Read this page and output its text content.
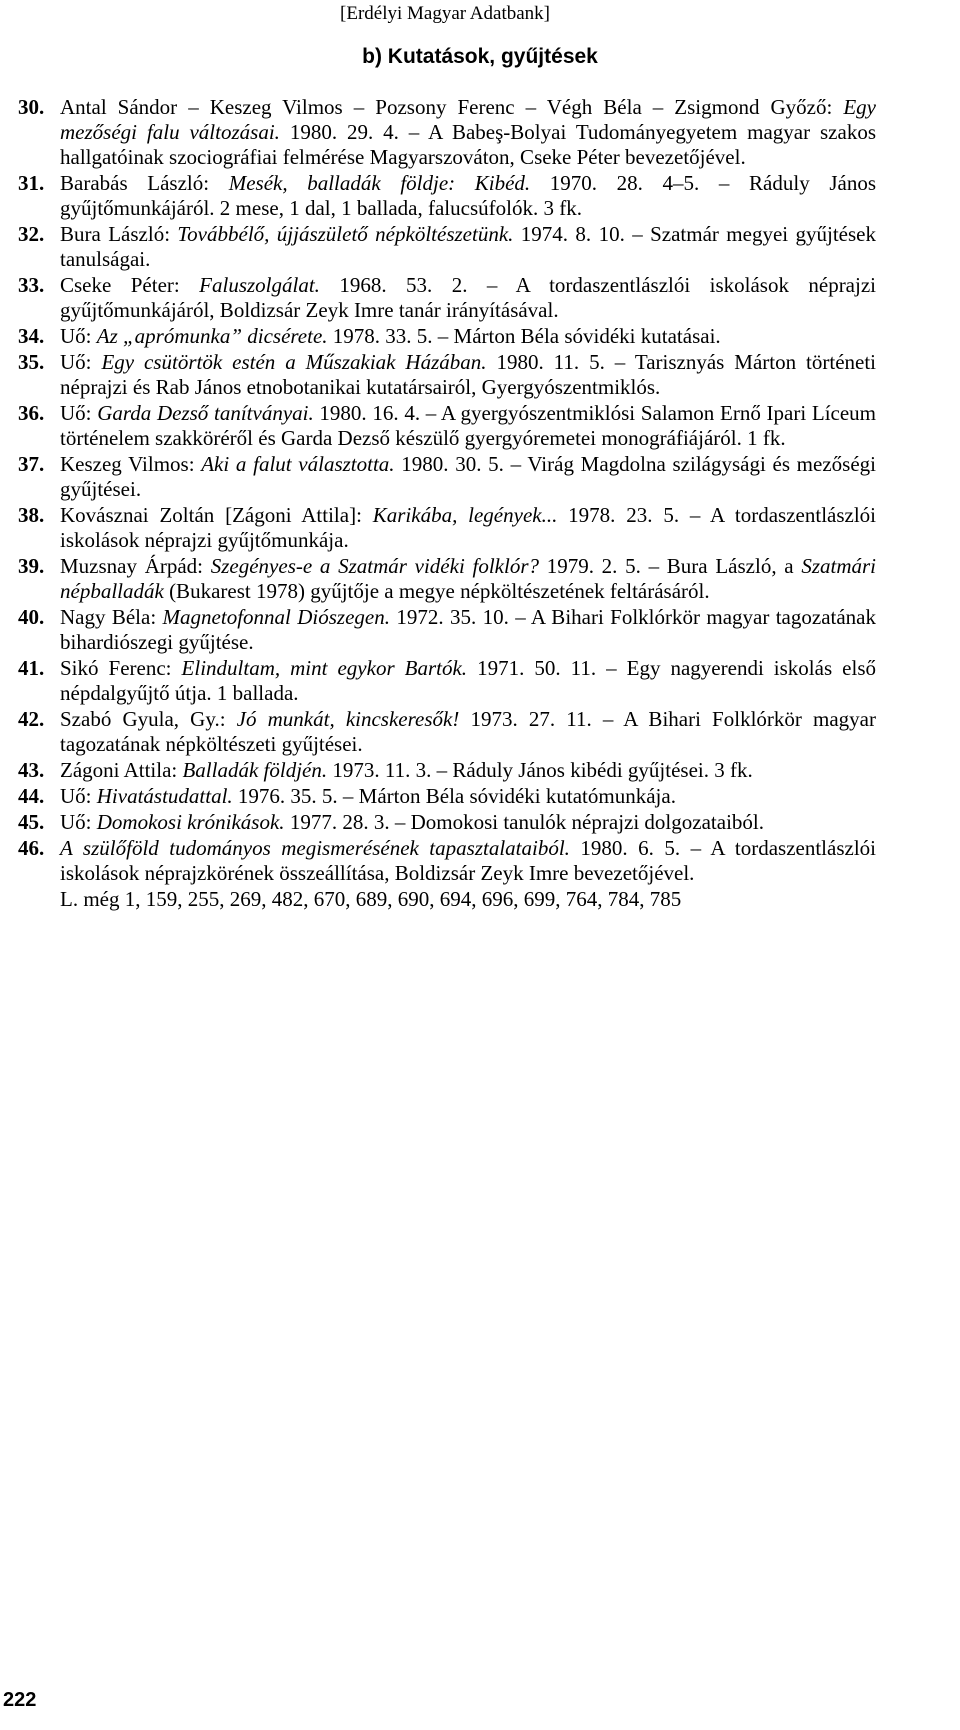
[Erdélyi Magyar Adatbank]
b) Kutatások, gyűjtések
30. Antal Sándor – Keszeg Vilmos – Pozsony Ferenc – Végh Béla – Zsigmond Győző: Egy mezőségi falu változásai. 1980. 29. 4. – A Babeş-Bolyai Tudományegyetem magyar szakos hallgatóinak szociográfiai felmérése Magyarszováton, Cseke Péter bevezetőjével.
31. Barabás László: Mesék, balladák földje: Kibéd. 1970. 28. 4–5. – Ráduly János gyűjtőmunkájáról. 2 mese, 1 dal, 1 ballada, falucsúfolók. 3 fk.
32. Bura László: Továbbélő, újjászülető népköltészetünk. 1974. 8. 10. – Szatmár megyei gyűjtések tanulságai.
33. Cseke Péter: Faluszolgálat. 1968. 53. 2. – A tordaszentlászlói iskolások néprajzi gyűjtőmunkájáról, Boldizsár Zeyk Imre tanár irányításával.
34. Uő: Az „aprómunka” dicsérete. 1978. 33. 5. – Márton Béla sóvidéki kutatásai.
35. Uő: Egy csütörtök estén a Műszakiak Házában. 1980. 11. 5. – Tarisznyás Márton történeti néprajzi és Rab János etnobotanikai kutatársairól, Gyergyószentmiklós.
36. Uő: Garda Dezső tanítványai. 1980. 16. 4. – A gyergyószentmiklósi Salamon Ernő Ipari Líceum történelem szakköréről és Garda Dezső készülő gyergyóremetei monográfiájáról. 1 fk.
37. Keszeg Vilmos: Aki a falut választotta. 1980. 30. 5. – Virág Magdolna szilágysági és mezőségi gyűjtései.
38. Kovásznai Zoltán [Zágoni Attila]: Karikába, legények... 1978. 23. 5. – A tordaszentlászlói iskolások néprajzi gyűjtőmunkája.
39. Muzsnay Árpád: Szegényes-e a Szatmár vidéki folklór? 1979. 2. 5. – Bura László, a Szatmári népballadák (Bukarest 1978) gyűjtője a megye népköltészetének feltárásáról.
40. Nagy Béla: Magnetofonnal Diószegen. 1972. 35. 10. – A Bihari Folklórkör magyar tagozatának bihardiószegi gyűjtése.
41. Sikó Ferenc: Elindultam, mint egykor Bartók. 1971. 50. 11. – Egy nagyerendi iskolás első népdalgyűjtő útja. 1 ballada.
42. Szabó Gyula, Gy.: Jó munkát, kincskeresők! 1973. 27. 11. – A Bihari Folklórkör magyar tagozatának népköltészeti gyűjtései.
43. Zágoni Attila: Balladák földjén. 1973. 11. 3. – Ráduly János kibédi gyűjtései. 3 fk.
44. Uő: Hivatástudattal. 1976. 35. 5. – Márton Béla sóvidéki kutatómunkája.
45. Uő: Domokosi krónikások. 1977. 28. 3. – Domokosi tanulók néprajzi dolgozataiból.
46. A szülőföld tudományos megismerésének tapasztalataiból. 1980. 6. 5. – A tordaszentlászlói iskolások néprajzkörének összeállítása, Boldizsár Zeyk Imre bevezetőjével.
L. még 1, 159, 255, 269, 482, 670, 689, 690, 694, 696, 699, 764, 784, 785
222
